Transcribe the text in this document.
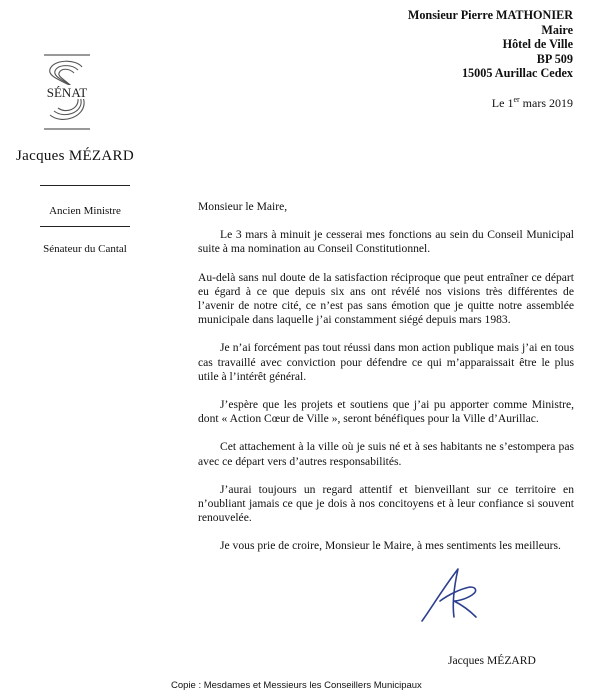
SÉNAT
Jacques MÉZARD
Ancien Ministre
Sénateur du Cantal
Monsieur Pierre MATHONIER
Maire
Hôtel de Ville
BP 509
15005 Aurillac Cedex
Le 1er mars 2019

Monsieur le Maire,

Le 3 mars à minuit je cesserai mes fonctions au sein du Conseil Municipal suite à ma nomination au Conseil Constitutionnel.

Au-delà sans nul doute de la satisfaction réciproque que peut entraîner ce départ eu égard à ce que depuis six ans ont révélé nos visions très différentes de l’avenir de notre cité, ce n’est pas sans émotion que je quitte notre assemblée municipale dans laquelle j’ai constamment siégé depuis mars 1983.

Je n’ai forcément pas tout réussi dans mon action publique mais j’ai en tous cas travaillé avec conviction pour défendre ce qui m’apparaissait être le plus utile à l’intérêt général.

J’espère que les projets et soutiens que j’ai pu apporter comme Ministre, dont « Action Cœur de Ville », seront bénéfiques pour la Ville d’Aurillac.

Cet attachement à la ville où je suis né et à ses habitants ne s’estompera pas avec ce départ vers d’autres responsabilités.

J’aurai toujours un regard attentif et bienveillant sur ce territoire en n’oubliant jamais ce que je dois à nos concitoyens et à leur confiance si souvent renouvelée.

Je vous prie de croire, Monsieur le Maire, à mes sentiments les meilleurs.

Jacques MÉZARD
Copie : Mesdames et Messieurs les Conseillers Municipaux
